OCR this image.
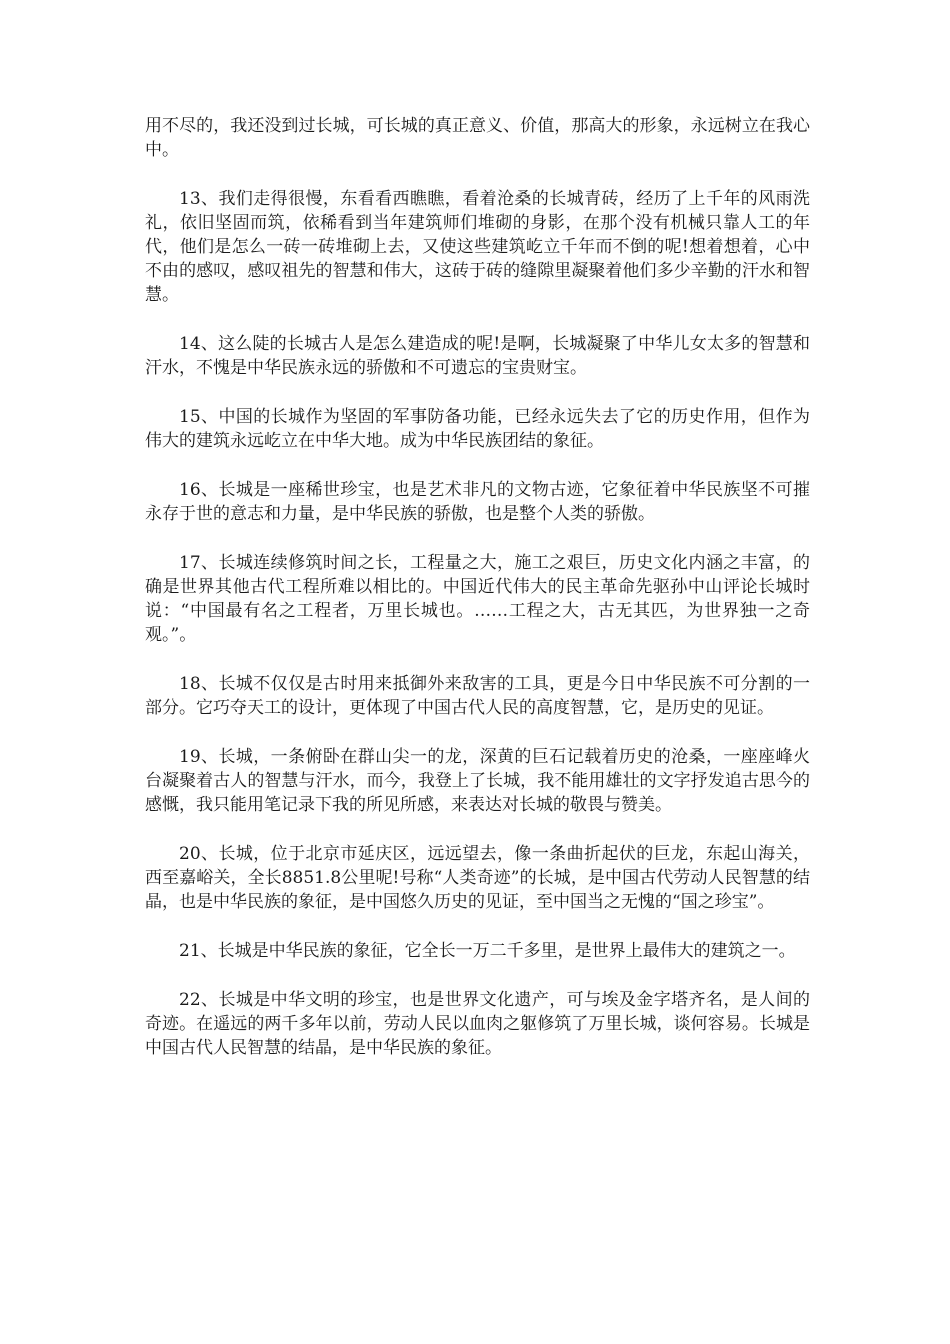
用不尽的，我还没到过长城，可长城的真正意义、价值，那高大的形象，永远树立在我心中。

13、我们走得很慢，东看看西瞧瞧，看着沧桑的长城青砖，经历了上千年的风雨洗礼，依旧坚固而筑，依稀看到当年建筑师们堆砌的身影，在那个没有机械只靠人工的年代，他们是怎么一砖一砖堆砌上去，又使这些建筑屹立千年而不倒的呢!想着想着，心中不由的感叹，感叹祖先的智慧和伟大，这砖于砖的缝隙里凝聚着他们多少辛勤的汗水和智慧。

14、这么陡的长城古人是怎么建造成的呢!是啊，长城凝聚了中华儿女太多的智慧和汗水，不愧是中华民族永远的骄傲和不可遗忘的宝贵财宝。

15、中国的长城作为坚固的军事防备功能，已经永远失去了它的历史作用，但作为伟大的建筑永远屹立在中华大地。成为中华民族团结的象征。

16、长城是一座稀世珍宝，也是艺术非凡的文物古迹，它象征着中华民族坚不可摧永存于世的意志和力量，是中华民族的骄傲，也是整个人类的骄傲。

17、长城连续修筑时间之长，工程量之大，施工之艰巨，历史文化内涵之丰富，的确是世界其他古代工程所难以相比的。中国近代伟大的民主革命先驱孙中山评论长城时说：“中国最有名之工程者，万里长城也。……工程之大，古无其匹，为世界独一之奇观。”。

18、长城不仅仅是古时用来抵御外来敌害的工具，更是今日中华民族不可分割的一部分。它巧夺天工的设计，更体现了中国古代人民的高度智慧，它，是历史的见证。

19、长城，一条俯卧在群山尖一的龙，深黄的巨石记载着历史的沧桑，一座座峰火台凝聚着古人的智慧与汗水，而今，我登上了长城，我不能用雄壮的文字抒发追古思今的感慨，我只能用笔记录下我的所见所感，来表达对长城的敬畏与赞美。

20、长城，位于北京市延庆区，远远望去，像一条曲折起伏的巨龙，东起山海关，西至嘉峪关，全长8851.8公里呢!号称“人类奇迹”的长城，是中国古代劳动人民智慧的结晶，也是中华民族的象征，是中国悠久历史的见证，至中国当之无愧的“国之珍宝”。

21、长城是中华民族的象征，它全长一万二千多里，是世界上最伟大的建筑之一。

22、长城是中华文明的珍宝，也是世界文化遗产，可与埃及金字塔齐名，是人间的奇迹。在遥远的两千多年以前，劳动人民以血肉之躯修筑了万里长城，谈何容易。长城是中国古代人民智慧的结晶，是中华民族的象征。
